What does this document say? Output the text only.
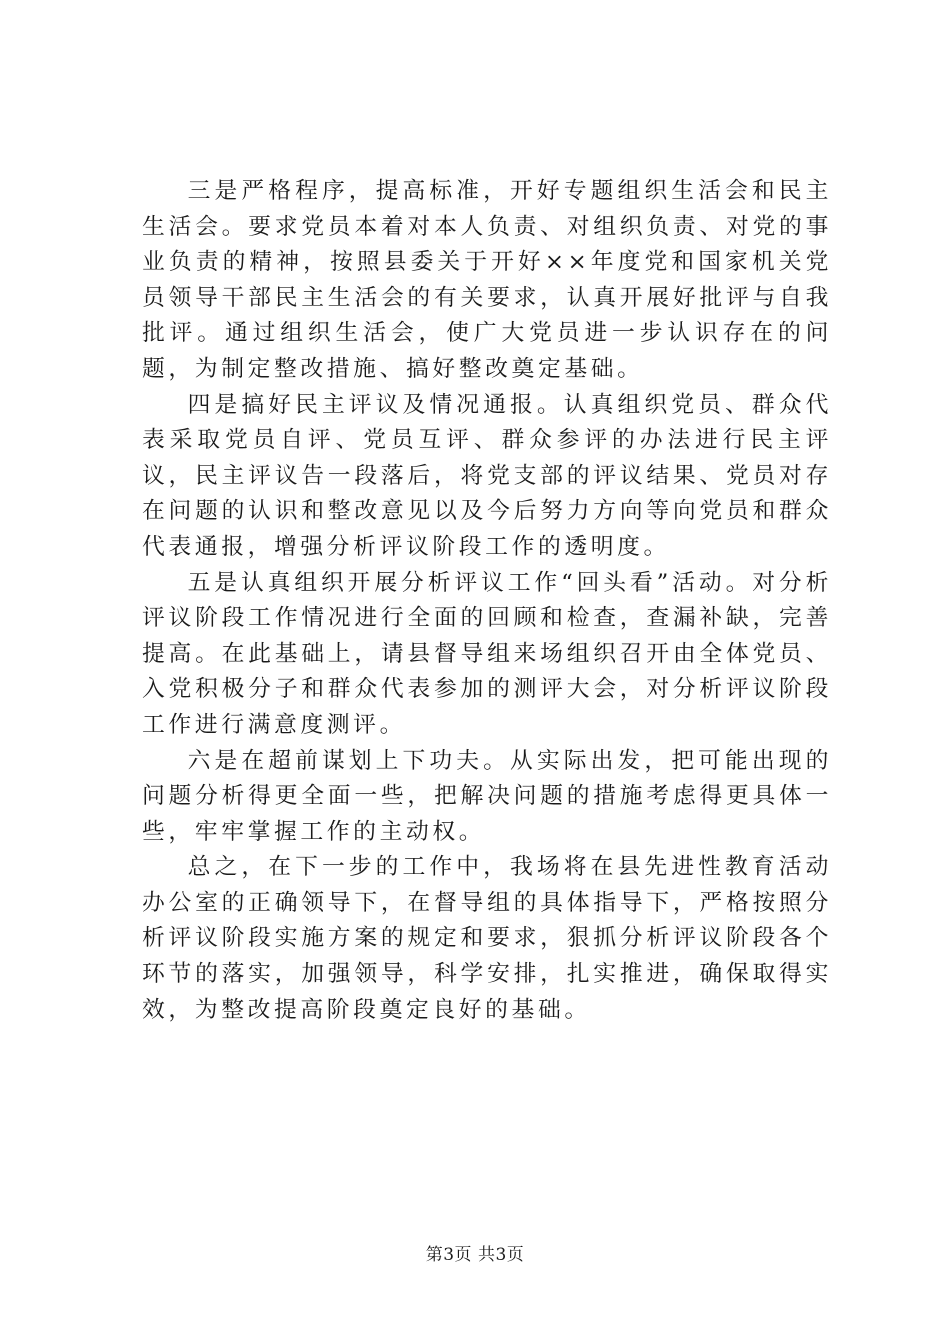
三是严格程序，提高标准，开好专题组织生活会和民主生活会。要求党员本着对本人负责、对组织负责、对党的事业负责的精神，按照县委关于开好××年度党和国家机关党员领导干部民主生活会的有关要求，认真开展好批评与自我批评。通过组织生活会，使广大党员进一步认识存在的问题，为制定整改措施、搞好整改奠定基础。

四是搞好民主评议及情况通报。认真组织党员、群众代表采取党员自评、党员互评、群众参评的办法进行民主评议，民主评议告一段落后，将党支部的评议结果、党员对存在问题的认识和整改意见以及今后努力方向等向党员和群众代表通报，增强分析评议阶段工作的透明度。

五是认真组织开展分析评议工作“回头看”活动。对分析评议阶段工作情况进行全面的回顾和检查，查漏补缺，完善提高。在此基础上，请县督导组来场组织召开由全体党员、入党积极分子和群众代表参加的测评大会，对分析评议阶段工作进行满意度测评。

六是在超前谋划上下功夫。从实际出发，把可能出现的问题分析得更全面一些，把解决问题的措施考虑得更具体一些，牢牢掌握工作的主动权。

总之，在下一步的工作中，我场将在县先进性教育活动办公室的正确领导下，在督导组的具体指导下，严格按照分析评议阶段实施方案的规定和要求，狠抓分析评议阶段各个环节的落实，加强领导，科学安排，扎实推进，确保取得实效，为整改提高阶段奠定良好的基础。

第3页 共3页
